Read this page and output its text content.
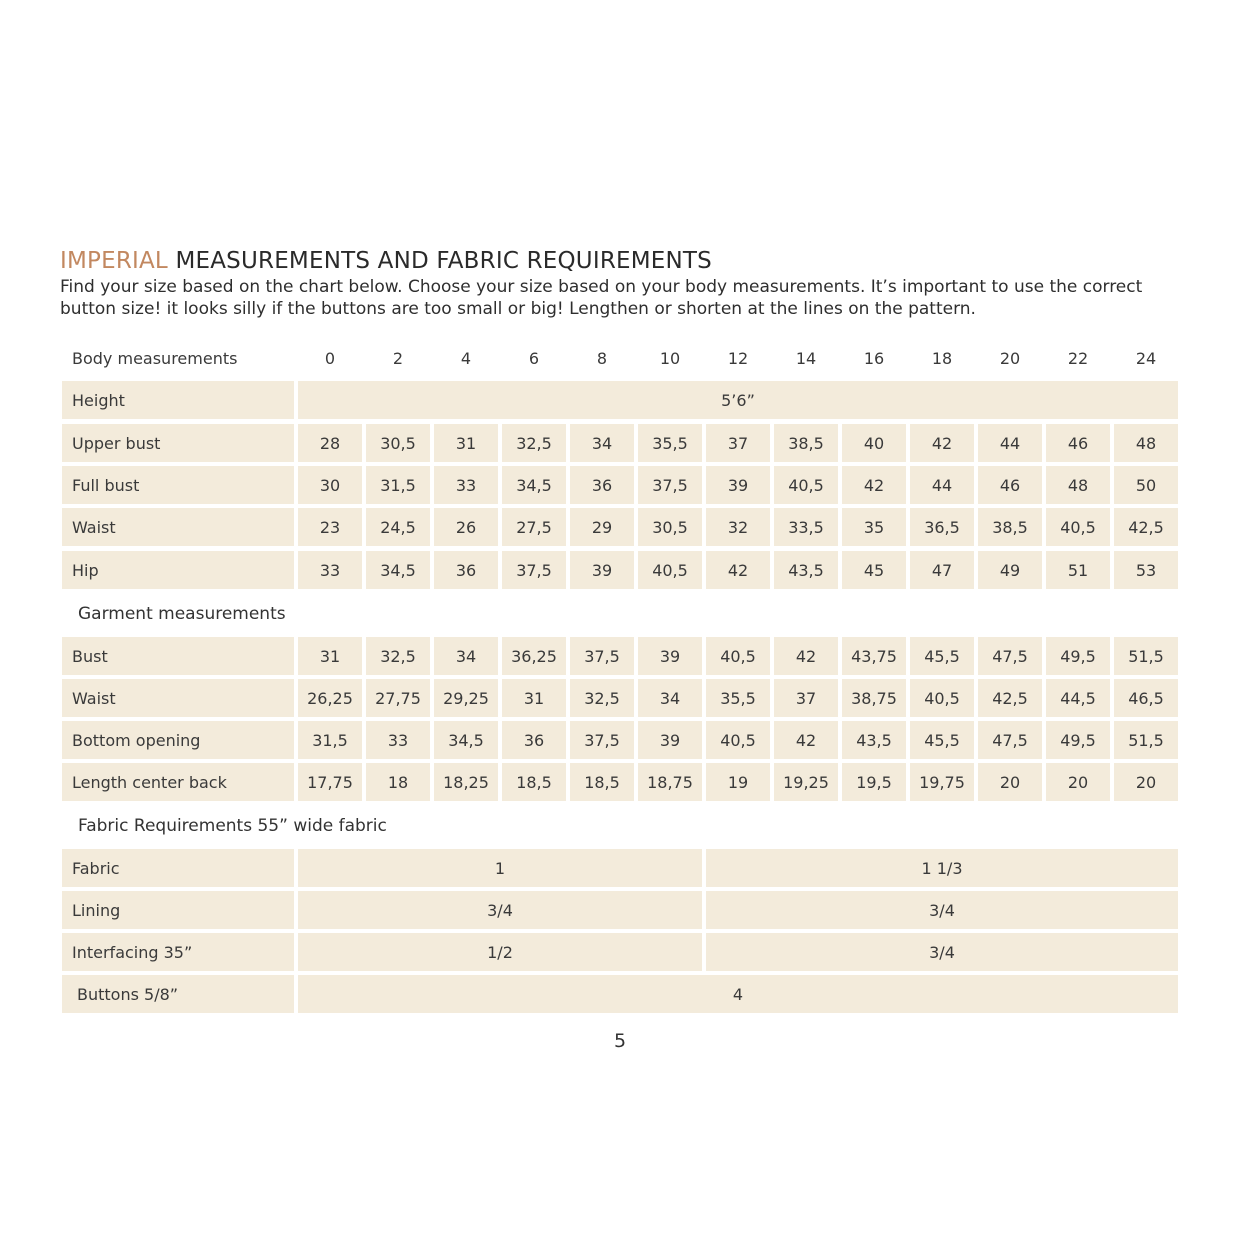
IMPERIAL MEASUREMENTS AND FABRIC REQUIREMENTS
Find your size based on the chart below. Choose your size based on your body measurements. It’s important to use the correct button size! it looks silly if the buttons are too small or big! Lengthen or shorten at the lines on the pattern.
Body measurements	0	2	4	6	8	10	12	14	16	18	20	22	24
Height	5’6”
Upper bust	28	30,5	31	32,5	34	35,5	37	38,5	40	42	44	46	48
Full bust	30	31,5	33	34,5	36	37,5	39	40,5	42	44	46	48	50
Waist	23	24,5	26	27,5	29	30,5	32	33,5	35	36,5	38,5	40,5	42,5
Hip	33	34,5	36	37,5	39	40,5	42	43,5	45	47	49	51	53
Garment measurements
Bust	31	32,5	34	36,25	37,5	39	40,5	42	43,75	45,5	47,5	49,5	51,5
Waist	26,25	27,75	29,25	31	32,5	34	35,5	37	38,75	40,5	42,5	44,5	46,5
Bottom opening	31,5	33	34,5	36	37,5	39	40,5	42	43,5	45,5	47,5	49,5	51,5
Length center back	17,75	18	18,25	18,5	18,5	18,75	19	19,25	19,5	19,75	20	20	20
Fabric Requirements 55” wide fabric
Fabric	1	1 1/3
Lining	3/4	3/4
Interfacing 35”	1/2	3/4
Buttons 5/8”	4
5
